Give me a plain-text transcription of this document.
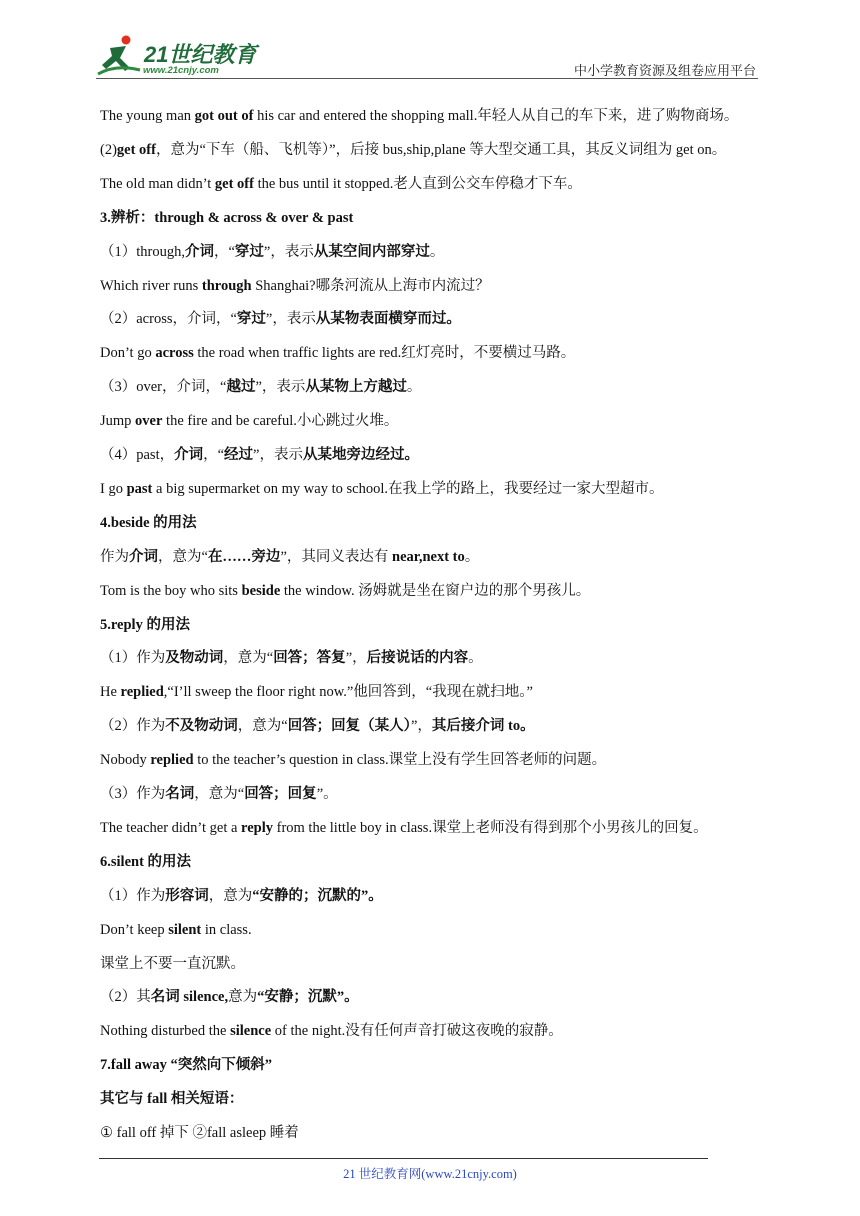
21世纪教育
www.21cnjy.com	中小学教育资源及组卷应用平台
The young man got out of his car and entered the shopping mall.年轻人从自己的车下来，进了购物商场。
(2)get off，意为“下车（船、飞机等）”，后接 bus,ship,plane 等大型交通工具，其反义词组为 get on。
The old man didn’t get off the bus until it stopped.老人直到公交车停稳才下车。
3.辨析：through & across & over & past
（1）through,介词，“穿过”，表示从某空间内部穿过。
Which river runs through Shanghai?哪条河流从上海市内流过？
（2）across，介词，“穿过”，表示从某物表面横穿而过。
Don’t go across the road when traffic lights are red.红灯亮时，不要横过马路。
（3）over，介词，“越过”，表示从某物上方越过。
Jump over the fire and be careful.小心跳过火堆。
（4）past，介词，“经过”，表示从某地旁边经过。
I go past a big supermarket on my way to school.在我上学的路上，我要经过一家大型超市。
4.beside 的用法
作为介词，意为“在……旁边”，其同义表达有 near,next to。
Tom is the boy who sits beside the window. 汤姆就是坐在窗户边的那个男孩儿。
5.reply 的用法
（1）作为及物动词，意为“回答；答复”，后接说话的内容。
He replied,“I’ll sweep the floor right now.”他回答到，“我现在就扫地。”
（2）作为不及物动词，意为“回答；回复（某人）”，其后接介词 to。
Nobody replied to the teacher’s question in class.课堂上没有学生回答老师的问题。
（3）作为名词，意为“回答；回复”。
The teacher didn’t get a reply from the little boy in class.课堂上老师没有得到那个小男孩儿的回复。
6.silent 的用法
（1）作为形容词，意为“安静的；沉默的”。
Don’t keep silent in class.
课堂上不要一直沉默。
（2）其名词 silence,意为“安静；沉默”。
Nothing disturbed the silence of the night.没有任何声音打破这夜晚的寂静。
7.fall away “突然向下倾斜”
其它与 fall 相关短语：
① fall off 掉下 ②fall asleep 睡着
21 世纪教育网(www.21cnjy.com)
